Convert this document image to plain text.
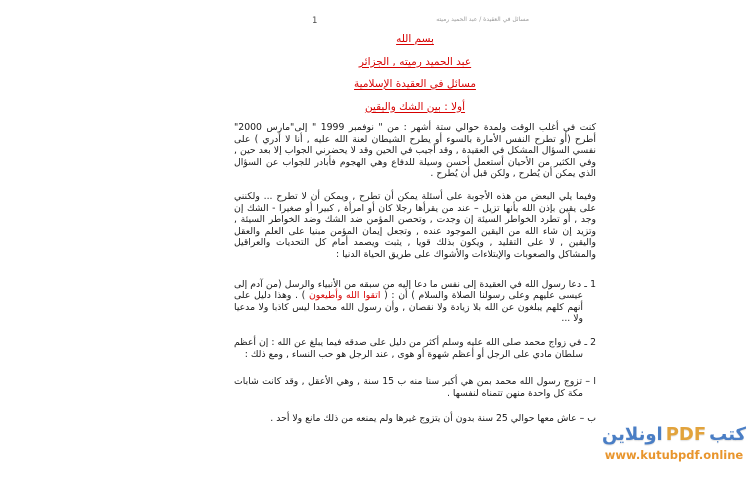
مسائل في العقيدة / عبد الحميد رميته
1
بسم الله
عبد الحميد رميته , الجزائر
مسائل في العقيدة الإسلامية
أولا : بين الشك واليقين

كنت في أغلب الوقت ولمدة حوالي ستة أشهر : من " نوفمبر 1999 " إلى"مارس 2000" أطرح (أو تطرح النفس الأمارة بالسوء أو يطرح الشيطان لعنة الله عليه , أنا لا أدري ) على نفسي السؤال المشكل في العقيدة , وقد أجيب في الحين وقد لا يحضرني الجواب إلا بعد حين , وفي الكثير من الأحيان أستعمل أحسن وسيلة للدفاع وهي الهجوم فأبادر للجواب عن السؤال الذي يمكن أن يُطرح , ولكن قبل أن يُطرح .

وفيما يلي البعض من هذه الأجوبة على أسئلة يمكن أن تطرح , ويمكن أن لا تطرح ... ولكنني على يقين بإذن الله بأنها تزيل – عند من يقرأها رجلا كان أو امرأة , كبيرا أو صغيرا - الشك إن وجد , أو تطرد الخواطر السيئة إن وجدت , وتحصن المؤمن ضد الشك وضد الخواطر السيئة , وتزيد إن شاء الله من اليقين الموجود عنده , وتجعل إيمان المؤمن مبنيا على العلم والعقل واليقين , لا على التقليد , ويكون بذلك قويا , يثبت ويصمد أمام كل التحديات والعراقيل والمشاكل والصعوبات والإبتلاءات والأشواك على طريق الحياة الدنيا :

1 ـ دعا رسول الله في العقيدة إلى نفس ما دعا إليه من سبقه من الأنبياء والرسل (من آدم إلى عيسى عليهم وعلى رسولنا الصلاة والسلام ) أن : ( اتقوا الله وأطيعون ) . وهذا دليل على أنهم كلهم يبلغون عن الله بلا زيادة ولا نقصان , وأن رسول الله محمدا ليس كاذبا ولا مدعيا ولا ...

2 ـ في زواج محمد صلى الله عليه وسلم أكثر من دليل على صدقه فيما يبلغ عن الله : إن أعظم سلطان مادي على الرجل أو أعظم شهوة أو هوى , عند الرجل هو حب النساء , ومع ذلك :

ا – تزوج رسول الله محمد بمن هي أكبر سنا منه ب 15 سنة , وهي الأعقل , وقد كانت شابات مكة كل واحدة منهن تتمناه لنفسها .

ب – عاش معها حوالي 25 سنة بدون أن يتزوج غيرها ولم يمنعه من ذلك مانع ولا أحد .

كتبPDFاونلاين
www.kutubpdf.online
